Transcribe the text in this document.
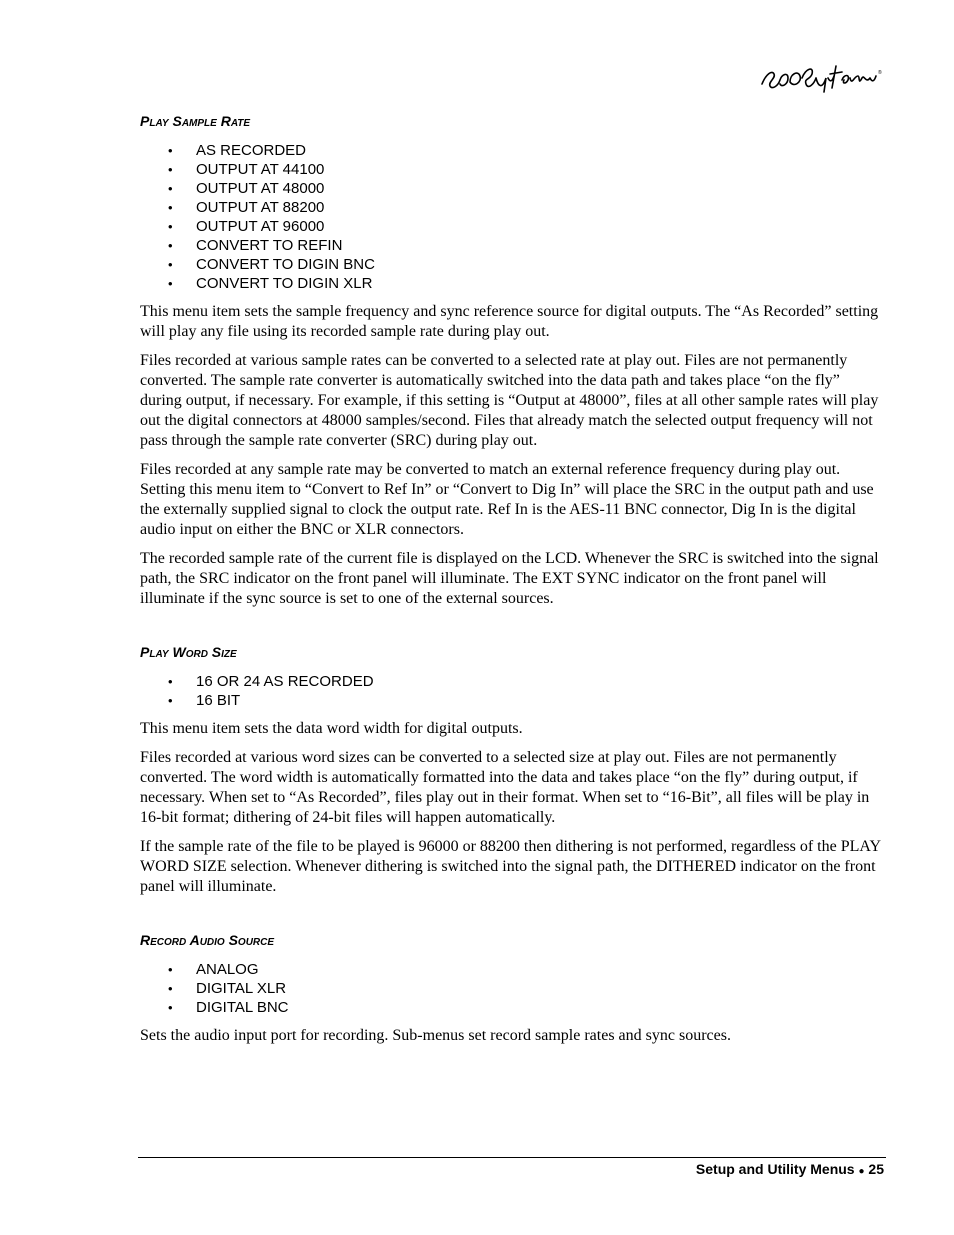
®
Play Sample Rate
• AS RECORDED
• OUTPUT AT 44100
• OUTPUT AT 48000
• OUTPUT AT 88200
• OUTPUT AT 96000
• CONVERT TO REFIN
• CONVERT TO DIGIN BNC
• CONVERT TO DIGIN XLR

This menu item sets the sample frequency and sync reference source for digital outputs. The “As Recorded” setting will play any file using its recorded sample rate during play out.

Files recorded at various sample rates can be converted to a selected rate at play out. Files are not permanently converted. The sample rate converter is automatically switched into the data path and takes place “on the fly” during output, if necessary. For example, if this setting is “Output at 48000”, files at all other sample rates will play out the digital connectors at 48000 samples/second. Files that already match the selected output frequency will not pass through the sample rate converter (SRC) during play out.

Files recorded at any sample rate may be converted to match an external reference frequency during play out. Setting this menu item to “Convert to Ref In” or “Convert to Dig In” will place the SRC in the output path and use the externally supplied signal to clock the output rate. Ref In is the AES-11 BNC connector, Dig In is the digital audio input on either the BNC or XLR connectors.

The recorded sample rate of the current file is displayed on the LCD. Whenever the SRC is switched into the signal path, the SRC indicator on the front panel will illuminate. The EXT SYNC indicator on the front panel will illuminate if the sync source is set to one of the external sources.

Play Word Size
• 16 OR 24 AS RECORDED
• 16 BIT

This menu item sets the data word width for digital outputs.

Files recorded at various word sizes can be converted to a selected size at play out. Files are not permanently converted. The word width is automatically formatted into the data and takes place “on the fly” during output, if necessary. When set to “As Recorded”, files play out in their format. When set to “16-Bit”, all files will be play in 16-bit format; dithering of 24-bit files will happen automatically.

If the sample rate of the file to be played is 96000 or 88200 then dithering is not performed, regardless of the PLAY WORD SIZE selection. Whenever dithering is switched into the signal path, the DITHERED indicator on the front panel will illuminate.

Record Audio Source
• ANALOG
• DIGITAL XLR
• DIGITAL BNC

Sets the audio input port for recording. Sub-menus set record sample rates and sync sources.

Setup and Utility Menus ● 25
